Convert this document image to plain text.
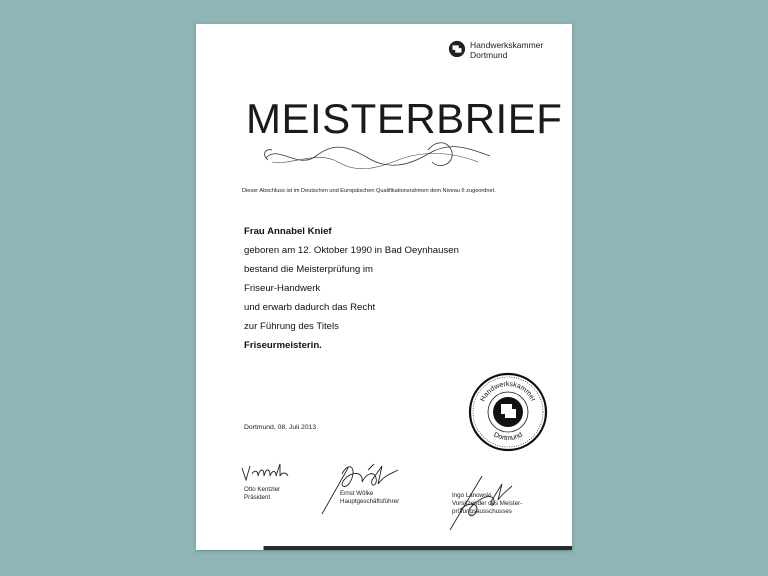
Handwerkskammer
Dortmund
MEISTERBRIEF
Dieser Abschluss ist im Deutschen und Europäischen Qualifikationsrahmen dem Niveau 6 zugeordnet.
Frau Annabel Knief
geboren am 12. Oktober 1990 in Bad Oeynhausen
bestand die Meisterprüfung im
Friseur-Handwerk
und erwarb dadurch das Recht
zur Führung des Titels
Friseurmeisterin.
Dortmund, 08. Juli 2013
Handwerkskammer
Dortmund
Otto Kentzler
Präsident
Ernst Wölke
Hauptgeschäftsführer
Ingo Lanowski
Vorsitzender des Meister-
prüfungsausschusses
